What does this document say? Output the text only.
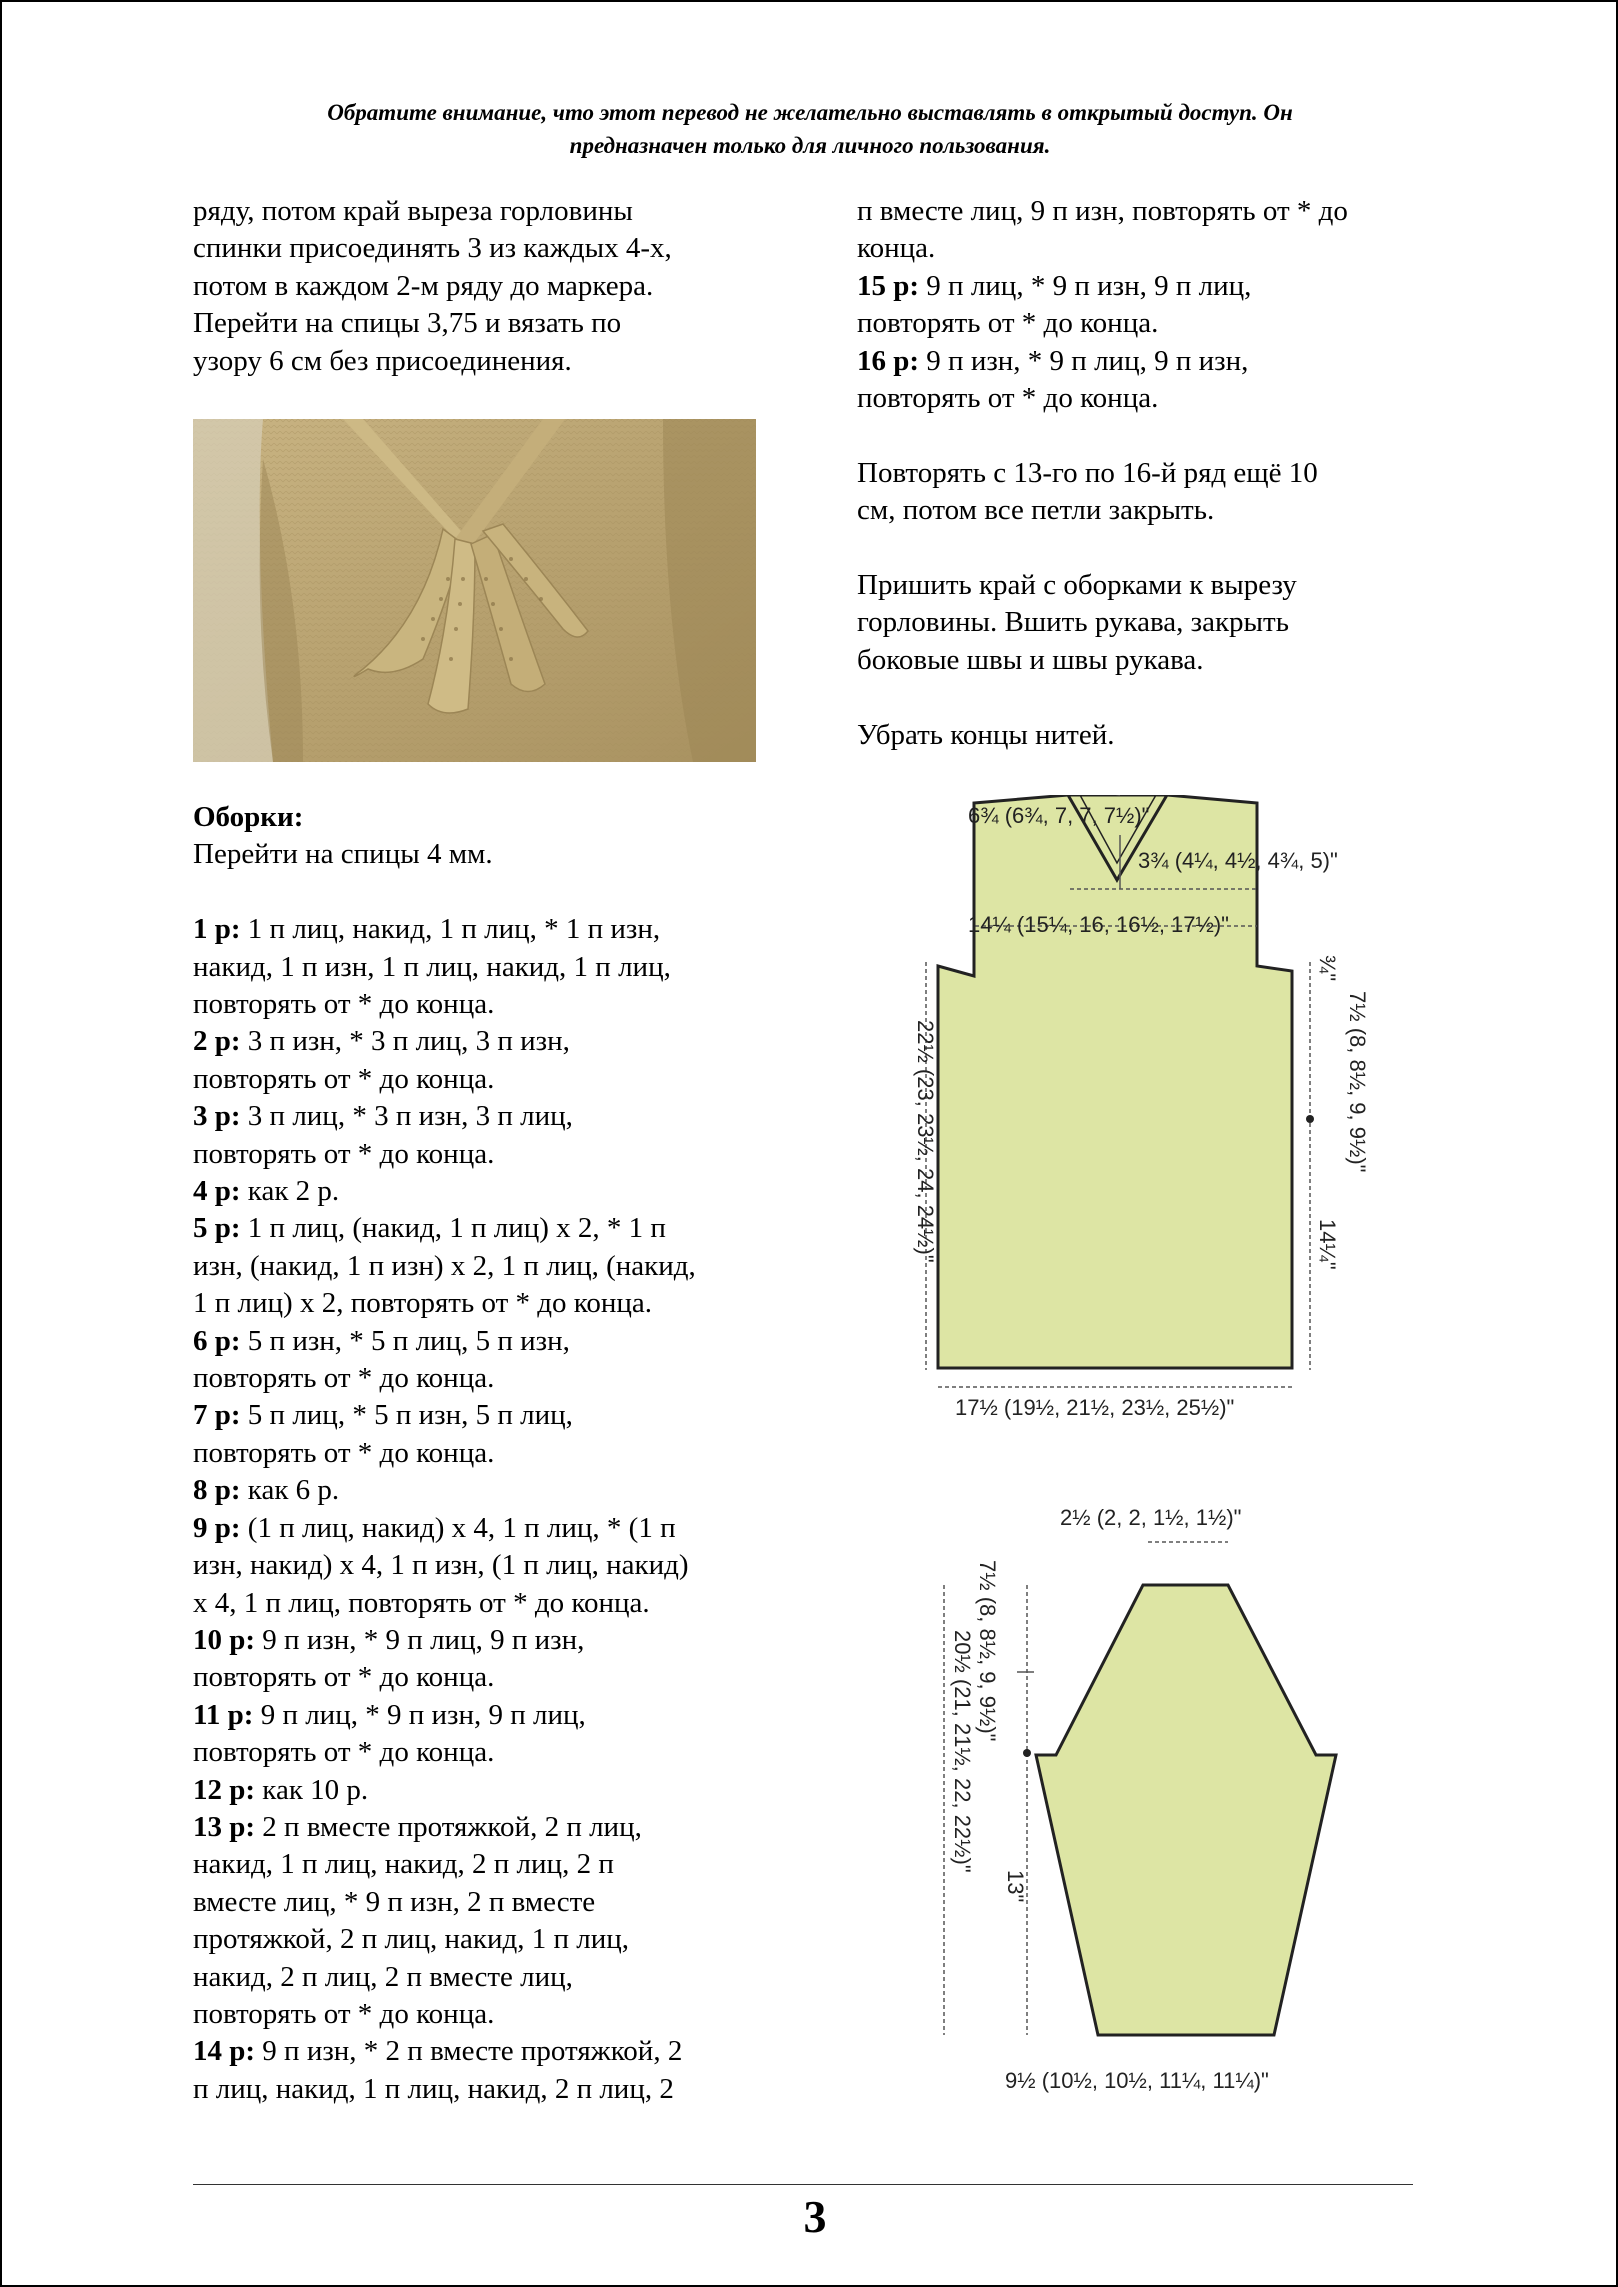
Обратите внимание, что этот перевод не желательно выставлять в открытый доступ. Он
предназначен только для личного пользования.

ряду, потом край выреза горловины

спинки присоединять 3 из каждых 4-х,

потом в каждом 2-м ряду до маркера.

Перейти на спицы 3,75 и вязать по

узору 6 см без присоединения.

Оборки:

Перейти на спицы 4 мм.

1 р: 1 п лиц, накид, 1 п лиц, * 1 п изн,

накид, 1 п изн, 1 п лиц, накид, 1 п лиц,

повторять от * до конца.

2 р: 3 п изн, * 3 п лиц, 3 п изн,

повторять от * до конца.

3 р: 3 п лиц, * 3 п изн, 3 п лиц,

повторять от * до конца.

4 р: как 2 р.

5 р: 1 п лиц, (накид, 1 п лиц) х 2, * 1 п

изн, (накид, 1 п изн) х 2, 1 п лиц, (накид,

1 п лиц) х 2, повторять от * до конца.

6 р: 5 п изн, * 5 п лиц, 5 п изн,

повторять от * до конца.

7 р: 5 п лиц, * 5 п изн, 5 п лиц,

повторять от * до конца.

8 р: как 6 р.

9 р: (1 п лиц, накид) х 4, 1 п лиц, * (1 п

изн, накид) х 4, 1 п изн, (1 п лиц, накид)

х 4, 1 п лиц, повторять от * до конца.

10 р: 9 п изн, * 9 п лиц, 9 п изн,

повторять от * до конца.

11 р: 9 п лиц, * 9 п изн, 9 п лиц,

повторять от * до конца.

12 р: как 10 р.

13 р: 2 п вместе протяжкой, 2 п лиц,

накид, 1 п лиц, накид, 2 п лиц, 2 п

вместе лиц, * 9 п изн, 2 п вместе

протяжкой, 2 п лиц, накид, 1 п лиц,

накид, 2 п лиц, 2 п вместе лиц,

повторять от * до конца.

14 р: 9 п изн, * 2 п вместе протяжкой, 2

п лиц, накид, 1 п лиц, накид, 2 п лиц, 2

п вместе лиц, 9 п изн, повторять от * до

конца.

15 р: 9 п лиц, * 9 п изн, 9 п лиц,

повторять от * до конца.

16 р: 9 п изн, * 9 п лиц, 9 п изн,

повторять от * до конца.

Повторять с 13-го по 16-й ряд ещё 10

см, потом все петли закрыть.

Пришить край с оборками к вырезу

горловины. Вшить рукава, закрыть

боковые швы и швы рукава.

Убрать концы нитей.

6¾ (6¾, 7, 7, 7½)"
3¾ (4¼, 4½, 4¾, 5)"
14¼ (15¼, 16, 16½, 17½)"
22½ (23, 23½, 24, 24½)"
¾"
7½ (8, 8½, 9, 9½)"
14¼"
17½ (19½, 21½, 23½, 25½)"
2½ (2, 2, 1½, 1½)"
7½ (8, 8½, 9, 9½)"
20½ (21, 21½, 22, 22½)"
13"
9½ (10½, 10½, 11¼, 11¼)"
3
